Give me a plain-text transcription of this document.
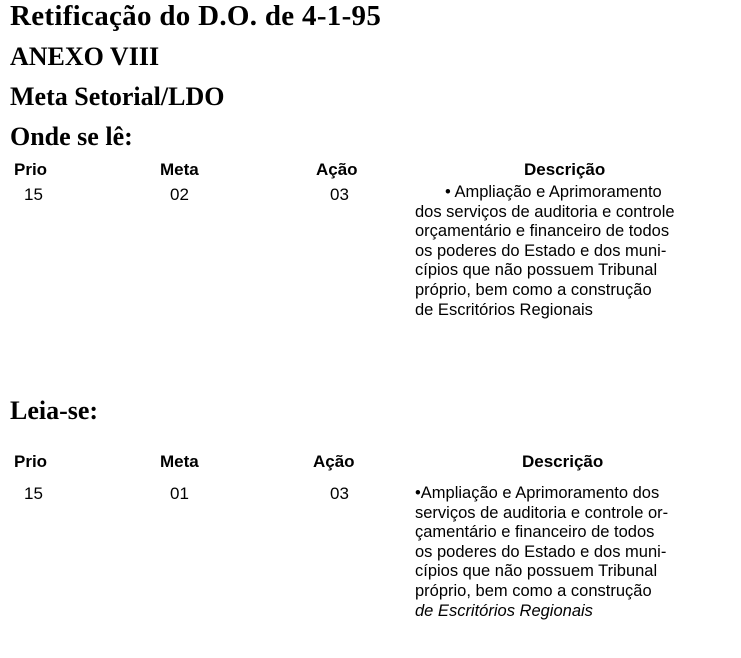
Retificação do D.O. de 4-1-95
ANEXO VIII
Meta Setorial/LDO
Onde se lê:
Prio	Meta	Ação	Descrição
15	02	03	• Ampliação e Aprimoramento
dos serviços de auditoria e controle
orçamentário e financeiro de todos
os poderes do Estado e dos muni-
cípios que não possuem Tribunal
próprio, bem como a construção
de Escritórios Regionais
Leia-se:
Prio	Meta	Ação	Descrição
15	01	03	•Ampliação e Aprimoramento dos
serviços de auditoria e controle or-
çamentário e financeiro de todos
os poderes do Estado e dos muni-
cípios que não possuem Tribunal
próprio, bem como a construção
de Escritórios Regionais
